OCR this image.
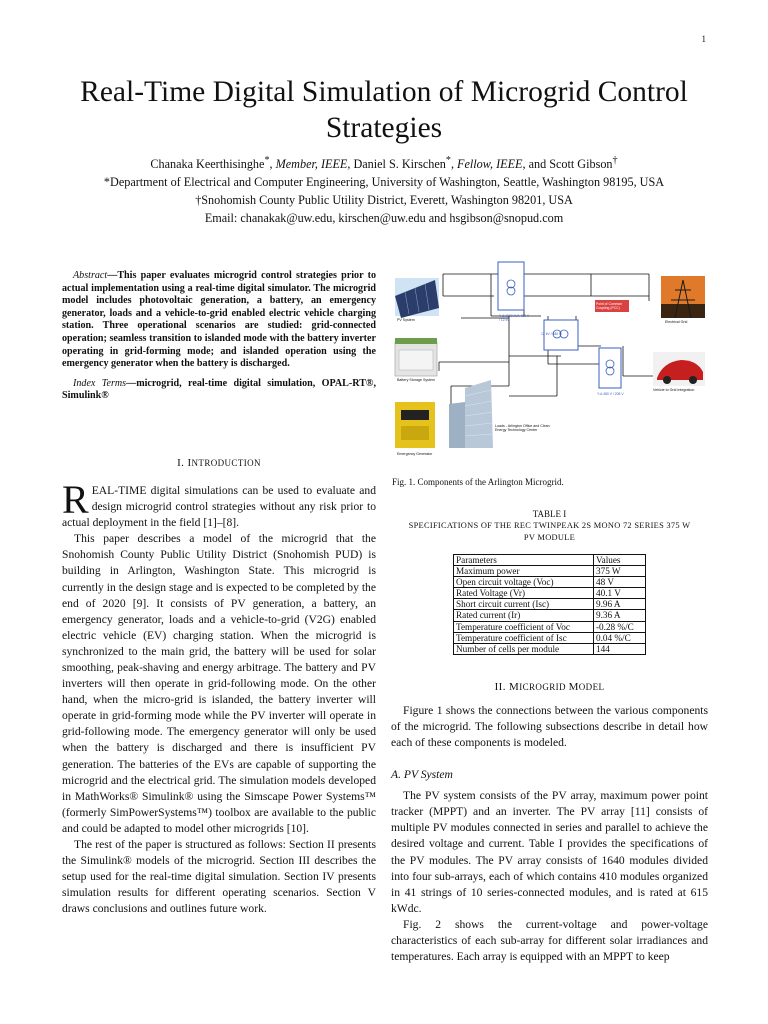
1
Real-Time Digital Simulation of Microgrid Control Strategies
Chanaka Keerthisinghe*, Member, IEEE, Daniel S. Kirschen*, Fellow, IEEE, and Scott Gibson†
*Department of Electrical and Computer Engineering, University of Washington, Seattle, Washington 98195, USA
†Snohomish County Public Utility District, Everett, Washington 98201, USA
Email: chanakak@uw.edu, kirschen@uw.edu and hsgibson@snopud.com
Abstract—This paper evaluates microgrid control strategies prior to actual implementation using a real-time digital simulator. The microgrid model includes photovoltaic generation, a battery, an emergency generator, loads and a vehicle-to-grid enabled electric vehicle charging station. Three operational scenarios are studied: grid-connected operation; seamless transition to islanded mode with the battery inverter operating in grid-forming mode; and islanded operation using the emergency generator when the battery is discharged.
Index Terms—microgrid, real-time digital simulation, OPAL-RT®, Simulink®
I. INTRODUCTION

REAL-TIME digital simulations can be used to evaluate and design microgrid control strategies without any risk prior to actual deployment in the field [1]–[8].

This paper describes a model of the microgrid that the Snohomish County Public Utility District (Snohomish PUD) is building in Arlington, Washington State. This microgrid is currently in the design stage and is expected to be completed by the end of 2020 [9]. It consists of PV generation, a battery, an emergency generator, loads and a vehicle-to-grid (V2G) enabled electric vehicle (EV) charging station. When the microgrid is synchronized to the main grid, the battery will be used for solar smoothing, peak-shaving and energy arbitrage. The battery and PV inverters will then operate in grid-following mode. On the other hand, when the micro-grid is islanded, the battery inverter will operate in grid-forming mode while the PV inverter will operate in grid-following mode. The emergency generator will only be used when the battery is discharged and there is insufficient PV generation. The batteries of the EVs are capable of supporting the microgrid and the electrical grid. The simulation models developed in MathWorks® Simulink® using the Simscape Power Systems™ (formerly SimPowerSystems™) toolbox are available to the public and could be adapted to model other microgrids [10].

The rest of the paper is structured as follows: Section II presents the Simulink® models of the microgrid. Section III describes the setup used for the real-time digital simulation. Section IV presents simulation results for different operating scenarios. Section V draws conclusions and outlines future work.

PV System
Y-Δ 1000 kVA 480 V / 12 kV
Point of Common Coupling (PCC)
12 kV / 480 V
Electrical Grid
Battery Storage System
Y-Δ 480 V / 208 V
Vehicle to Grid Integration
Loads - Arlington Office and Clean Energy Technology Center
Emergency Generator
Fig. 1. Components of the Arlington Microgrid.
TABLE I
SPECIFICATIONS OF THE REC TWINPEAK 2S MONO 72 SERIES 375 W
PV MODULE
Parameters	Values
Maximum power	375 W
Open circuit voltage (Voc)	48 V
Rated Voltage (Vr)	40.1 V
Short circuit current (Isc)	9.96 A
Rated current (Ir)	9.36 A
Temperature coefficient of Voc	-0.28 %/C
Temperature coefficient of Isc	0.04 %/C
Number of cells per module	144
II. MICROGRID MODEL

Figure 1 shows the connections between the various components of the microgrid. The following subsections describe in detail how each of these components is modeled.

A. PV System

The PV system consists of the PV array, maximum power point tracker (MPPT) and an inverter. The PV array [11] consists of multiple PV modules connected in series and parallel to achieve the desired voltage and current. Table I provides the specifications of the PV modules. The PV array consists of 1640 modules divided into four sub-arrays, each of which contains 410 modules organized in 41 strings of 10 series-connected modules, and is rated at 615 kWdc.

Fig. 2 shows the current-voltage and power-voltage characteristics of each sub-array for different solar irradiances and temperatures. Each array is equipped with an MPPT to keep
